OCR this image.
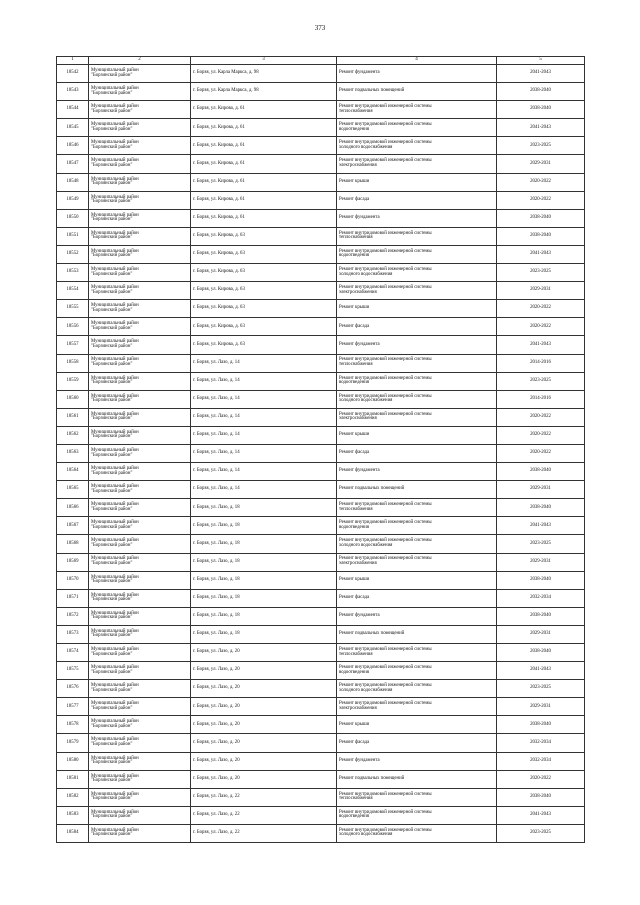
373
1	2	3	4	5
18542	Муниципальный район
"Борзинский район"	г. Борзя, ул. Карла Маркса, д. 98	Ремонт фундамента	2041-2043
18543	Муниципальный район
"Борзинский район"	г. Борзя, ул. Карла Маркса, д. 98	Ремонт подвальных помещений	2038-2040
18544	Муниципальный район
"Борзинский район"	г. Борзя, ул. Кирова, д. 61	Ремонт внутридомовой инженерной системы
теплоснабжения	2038-2040
18545	Муниципальный район
"Борзинский район"	г. Борзя, ул. Кирова, д. 61	Ремонт внутридомовой инженерной системы
водоотведения	2041-2043
18546	Муниципальный район
"Борзинский район"	г. Борзя, ул. Кирова, д. 61	Ремонт внутридомовой инженерной системы
холодного водоснабжения	2023-2025
18547	Муниципальный район
"Борзинский район"	г. Борзя, ул. Кирова, д. 61	Ремонт внутридомовой инженерной системы
электроснабжения	2029-2031
18548	Муниципальный район
"Борзинский район"	г. Борзя, ул. Кирова, д. 61	Ремонт крыши	2020-2022
18549	Муниципальный район
"Борзинский район"	г. Борзя, ул. Кирова, д. 61	Ремонт фасада	2020-2022
18550	Муниципальный район
"Борзинский район"	г. Борзя, ул. Кирова, д. 61	Ремонт фундамента	2038-2040
18551	Муниципальный район
"Борзинский район"	г. Борзя, ул. Кирова, д. 63	Ремонт внутридомовой инженерной системы
теплоснабжения	2038-2040
18552	Муниципальный район
"Борзинский район"	г. Борзя, ул. Кирова, д. 63	Ремонт внутридомовой инженерной системы
водоотведения	2041-2043
18553	Муниципальный район
"Борзинский район"	г. Борзя, ул. Кирова, д. 63	Ремонт внутридомовой инженерной системы
холодного водоснабжения	2023-2025
18554	Муниципальный район
"Борзинский район"	г. Борзя, ул. Кирова, д. 63	Ремонт внутридомовой инженерной системы
электроснабжения	2029-2031
18555	Муниципальный район
"Борзинский район"	г. Борзя, ул. Кирова, д. 63	Ремонт крыши	2020-2022
18556	Муниципальный район
"Борзинский район"	г. Борзя, ул. Кирова, д. 63	Ремонт фасада	2020-2022
18557	Муниципальный район
"Борзинский район"	г. Борзя, ул. Кирова, д. 63	Ремонт фундамента	2041-2043
18558	Муниципальный район
"Борзинский район"	г. Борзя, ул. Лазо, д. 14	Ремонт внутридомовой инженерной системы
теплоснабжения	2014-2016
18559	Муниципальный район
"Борзинский район"	г. Борзя, ул. Лазо, д. 14	Ремонт внутридомовой инженерной системы
водоотведения	2023-2025
18560	Муниципальный район
"Борзинский район"	г. Борзя, ул. Лазо, д. 14	Ремонт внутридомовой инженерной системы
холодного водоснабжения	2014-2016
18561	Муниципальный район
"Борзинский район"	г. Борзя, ул. Лазо, д. 14	Ремонт внутридомовой инженерной системы
электроснабжения	2020-2022
18562	Муниципальный район
"Борзинский район"	г. Борзя, ул. Лазо, д. 14	Ремонт крыши	2020-2022
18563	Муниципальный район
"Борзинский район"	г. Борзя, ул. Лазо, д. 14	Ремонт фасада	2020-2022
18564	Муниципальный район
"Борзинский район"	г. Борзя, ул. Лазо, д. 14	Ремонт фундамента	2038-2040
18565	Муниципальный район
"Борзинский район"	г. Борзя, ул. Лазо, д. 14	Ремонт подвальных помещений	2029-2031
18566	Муниципальный район
"Борзинский район"	г. Борзя, ул. Лазо, д. 18	Ремонт внутридомовой инженерной системы
теплоснабжения	2038-2040
18567	Муниципальный район
"Борзинский район"	г. Борзя, ул. Лазо, д. 18	Ремонт внутридомовой инженерной системы
водоотведения	2041-2043
18568	Муниципальный район
"Борзинский район"	г. Борзя, ул. Лазо, д. 18	Ремонт внутридомовой инженерной системы
холодного водоснабжения	2023-2025
18569	Муниципальный район
"Борзинский район"	г. Борзя, ул. Лазо, д. 18	Ремонт внутридомовой инженерной системы
электроснабжения	2029-2031
18570	Муниципальный район
"Борзинский район"	г. Борзя, ул. Лазо, д. 18	Ремонт крыши	2038-2040
18571	Муниципальный район
"Борзинский район"	г. Борзя, ул. Лазо, д. 18	Ремонт фасада	2032-2034
18572	Муниципальный район
"Борзинский район"	г. Борзя, ул. Лазо, д. 18	Ремонт фундамента	2038-2040
18573	Муниципальный район
"Борзинский район"	г. Борзя, ул. Лазо, д. 18	Ремонт подвальных помещений	2029-2031
18574	Муниципальный район
"Борзинский район"	г. Борзя, ул. Лазо, д. 20	Ремонт внутридомовой инженерной системы
теплоснабжения	2038-2040
18575	Муниципальный район
"Борзинский район"	г. Борзя, ул. Лазо, д. 20	Ремонт внутридомовой инженерной системы
водоотведения	2041-2043
18576	Муниципальный район
"Борзинский район"	г. Борзя, ул. Лазо, д. 20	Ремонт внутридомовой инженерной системы
холодного водоснабжения	2023-2025
18577	Муниципальный район
"Борзинский район"	г. Борзя, ул. Лазо, д. 20	Ремонт внутридомовой инженерной системы
электроснабжения	2029-2031
18578	Муниципальный район
"Борзинский район"	г. Борзя, ул. Лазо, д. 20	Ремонт крыши	2038-2040
18579	Муниципальный район
"Борзинский район"	г. Борзя, ул. Лазо, д. 20	Ремонт фасада	2032-2034
18580	Муниципальный район
"Борзинский район"	г. Борзя, ул. Лазо, д. 20	Ремонт фундамента	2032-2034
18581	Муниципальный район
"Борзинский район"	г. Борзя, ул. Лазо, д. 20	Ремонт подвальных помещений	2020-2022
18582	Муниципальный район
"Борзинский район"	г. Борзя, ул. Лазо, д. 22	Ремонт внутридомовой инженерной системы
теплоснабжения	2038-2040
18583	Муниципальный район
"Борзинский район"	г. Борзя, ул. Лазо, д. 22	Ремонт внутридомовой инженерной системы
водоотведения	2041-2043
18584	Муниципальный район
"Борзинский район"	г. Борзя, ул. Лазо, д. 22	Ремонт внутридомовой инженерной системы
холодного водоснабжения	2023-2025
